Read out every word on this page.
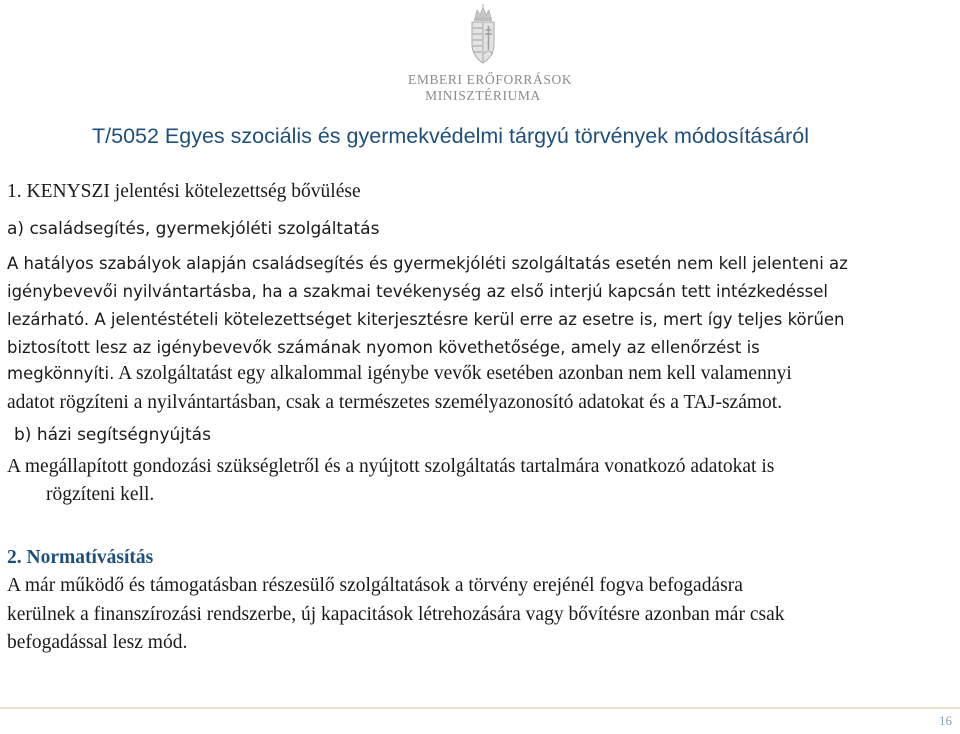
EMBERI ERŐFORRÁSOK
MINISZTÉRIUMA
T/5052 Egyes szociális és gyermekvédelmi tárgyú törvények módosításáról
1. KENYSZI jelentési kötelezettség bővülése
a) családsegítés, gyermekjóléti szolgáltatás
A hatályos szabályok alapján családsegítés és gyermekjóléti szolgáltatás esetén nem kell jelenteni az
igénybevevői nyilvántartásba, ha a szakmai tevékenység az első interjú kapcsán tett intézkedéssel
lezárható. A jelentéstételi kötelezettséget kiterjesztésre kerül erre az esetre is, mert így teljes körűen
biztosított lesz az igénybevevők számának nyomon követhetősége, amely az ellenőrzést is
megkönnyíti. A szolgáltatást egy alkalommal igénybe vevők esetében azonban nem kell valamennyi
adatot rögzíteni a nyilvántartásban, csak a természetes személyazonosító adatokat és a TAJ-számot.
b) házi segítségnyújtás
A megállapított gondozási szükségletről és a nyújtott szolgáltatás tartalmára vonatkozó adatokat is
rögzíteni kell.
2. Normatívásítás
A már működő és támogatásban részesülő szolgáltatások a törvény erejénél fogva befogadásra
kerülnek a finanszírozási rendszerbe, új kapacitások létrehozására vagy bővítésre azonban már csak
befogadással lesz mód.
16
